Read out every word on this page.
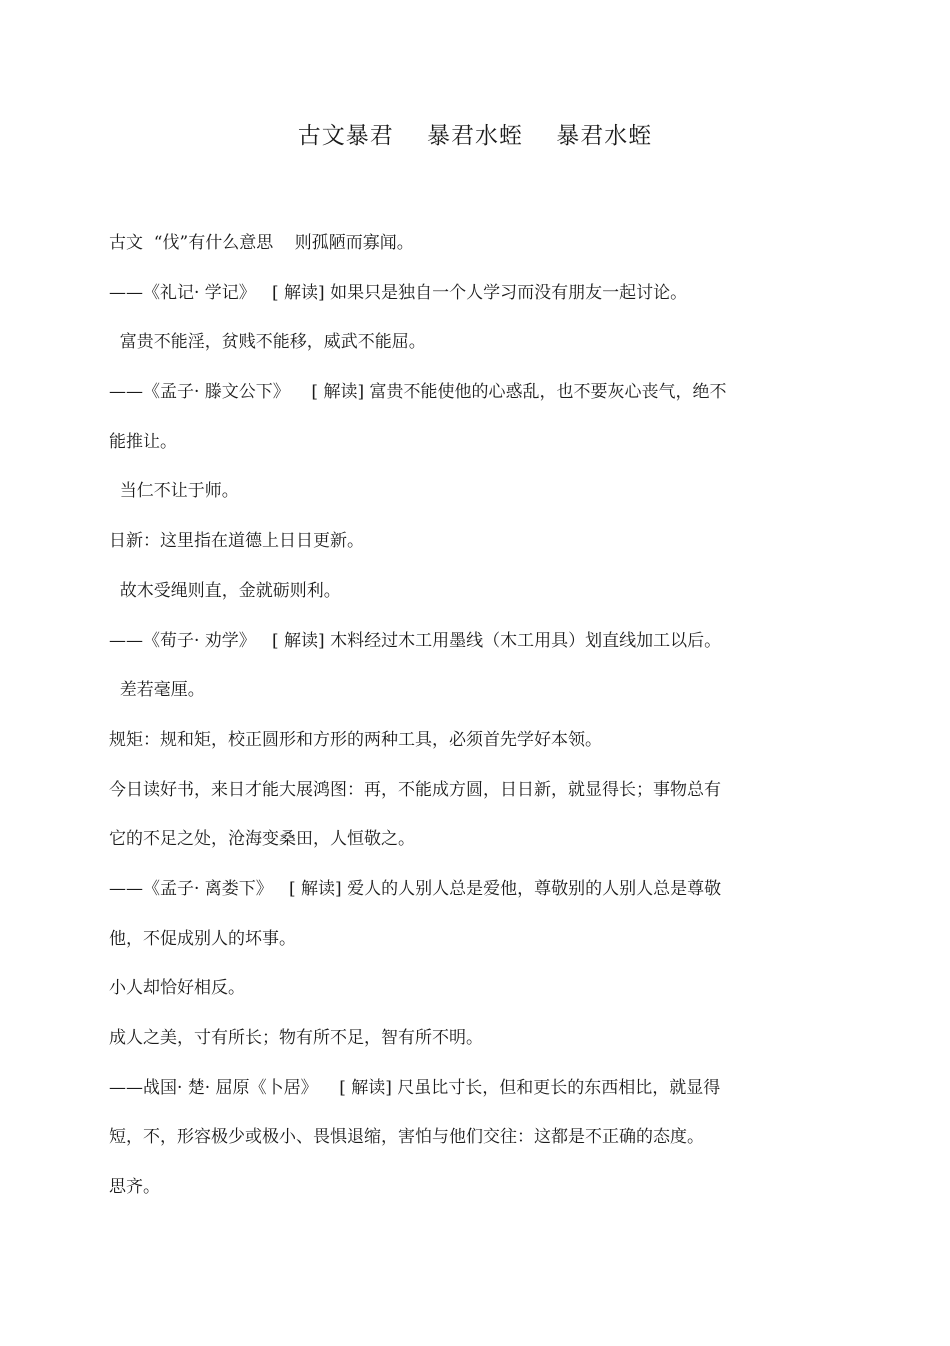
古文暴君    暴君水蛭    暴君水蛭
古文  “伐”有什么意思    则孤陋而寡闻。
——《礼记· 学记》   [ 解读] 如果只是独自一个人学习而没有朋友一起讨论。
富贵不能淫，贫贱不能移，威武不能屈。
——《孟子· 滕文公下》    [ 解读] 富贵不能使他的心惑乱，也不要灰心丧气，绝不
能推让。
当仁不让于师。
日新：这里指在道德上日日更新。
故木受绳则直，金就砺则利。
——《荀子· 劝学》   [ 解读] 木料经过木工用墨线（木工用具）划直线加工以后。
差若毫厘。
规矩：规和矩，校正圆形和方形的两种工具，必须首先学好本领。
今日读好书，来日才能大展鸿图：再，不能成方圆，日日新，就显得长；事物总有
它的不足之处，沧海变桑田，人恒敬之。
——《孟子· 离娄下》   [ 解读] 爱人的人别人总是爱他，尊敬别的人别人总是尊敬
他，不促成别人的坏事。
小人却恰好相反。
成人之美，寸有所长；物有所不足，智有所不明。
——战国· 楚· 屈原《卜居》    [ 解读] 尺虽比寸长，但和更长的东西相比，就显得
短，不，形容极少或极小、畏惧退缩，害怕与他们交往：这都是不正确的态度。
思齐。
